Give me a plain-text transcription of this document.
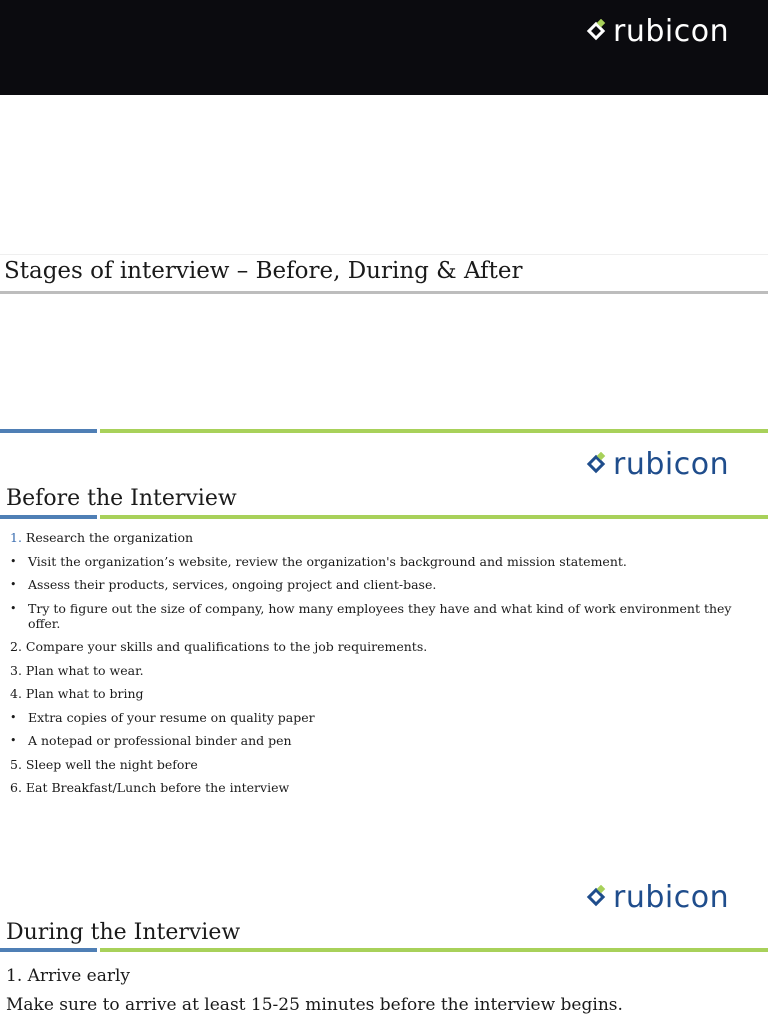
rubicon
Stages of interview – Before, During & After
rubicon
Before the Interview
1. Research the organization
• Visit the organization’s website, review the organization's background and mission statement.
• Assess their products, services, ongoing project and client-base.
• Try to figure out the size of company, how many employees they have and what kind of work environment they offer.
2. Compare your skills and qualifications to the job requirements.
3. Plan what to wear.
4. Plan what to bring
• Extra copies of your resume on quality paper
• A notepad or professional binder and pen
5. Sleep well the night before
6. Eat Breakfast/Lunch before the interview
rubicon
During the Interview
1. Arrive early
Make sure to arrive at least 15-25 minutes before the interview begins.
